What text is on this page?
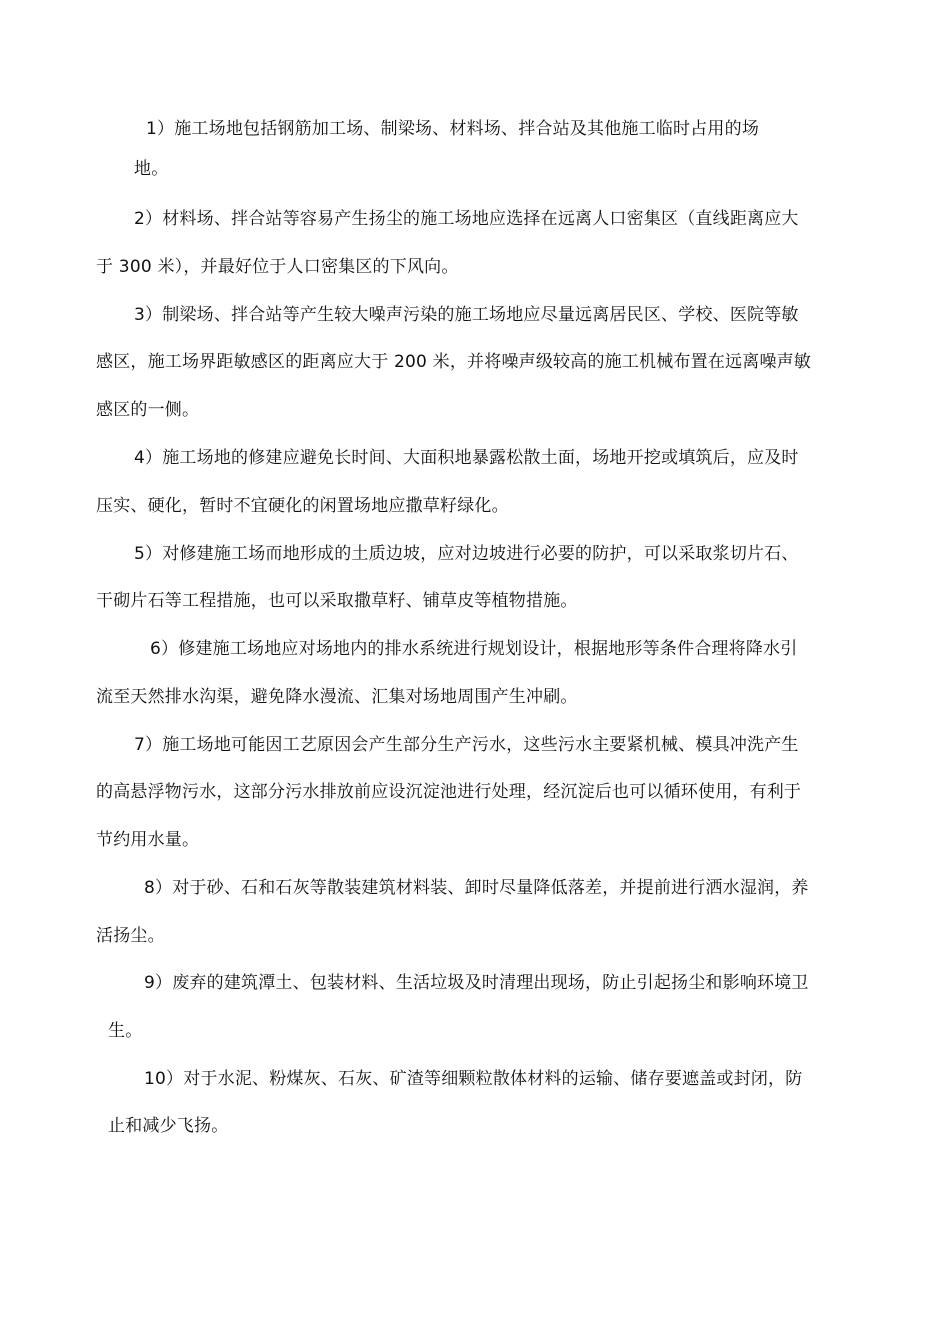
1）施工场地包括钢筋加工场、制梁场、材料场、拌合站及其他施工临时占用的场
地。
2）材料场、拌合站等容易产生扬尘的施工场地应选择在远离人口密集区（直线距离应大
于 300 米），并最好位于人口密集区的下风向。
3）制梁场、拌合站等产生较大噪声污染的施工场地应尽量远离居民区、学校、医院等敏
感区，施工场界距敏感区的距离应大于 200 米，并将噪声级较高的施工机械布置在远离噪声敏
感区的一侧。
4）施工场地的修建应避免长时间、大面积地暴露松散土面，场地开挖或填筑后，应及时
压实、硬化，暂时不宜硬化的闲置场地应撒草籽绿化。
5）对修建施工场而地形成的土质边坡，应对边坡进行必要的防护，可以采取浆切片石、
干砌片石等工程措施，也可以采取撒草籽、铺草皮等植物措施。
6）修建施工场地应对场地内的排水系统进行规划设计，根据地形等条件合理将降水引
流至天然排水沟渠，避免降水漫流、汇集对场地周围产生冲刷。
7）施工场地可能因工艺原因会产生部分生产污水，这些污水主要紧机械、模具冲洗产生
的高悬浮物污水，这部分污水排放前应设沉淀池进行处理，经沉淀后也可以循环使用，有利于
节约用水量。
8）对于砂、石和石灰等散装建筑材料装、卸时尽量降低落差，并提前进行洒水湿润，养
活扬尘。
9）废弃的建筑潭土、包装材料、生活垃圾及时清理出现场，防止引起扬尘和影响环境卫
生。
10）对于水泥、粉煤灰、石灰、矿渣等细颗粒散体材料的运输、储存要遮盖或封闭，防
止和减少飞扬。
